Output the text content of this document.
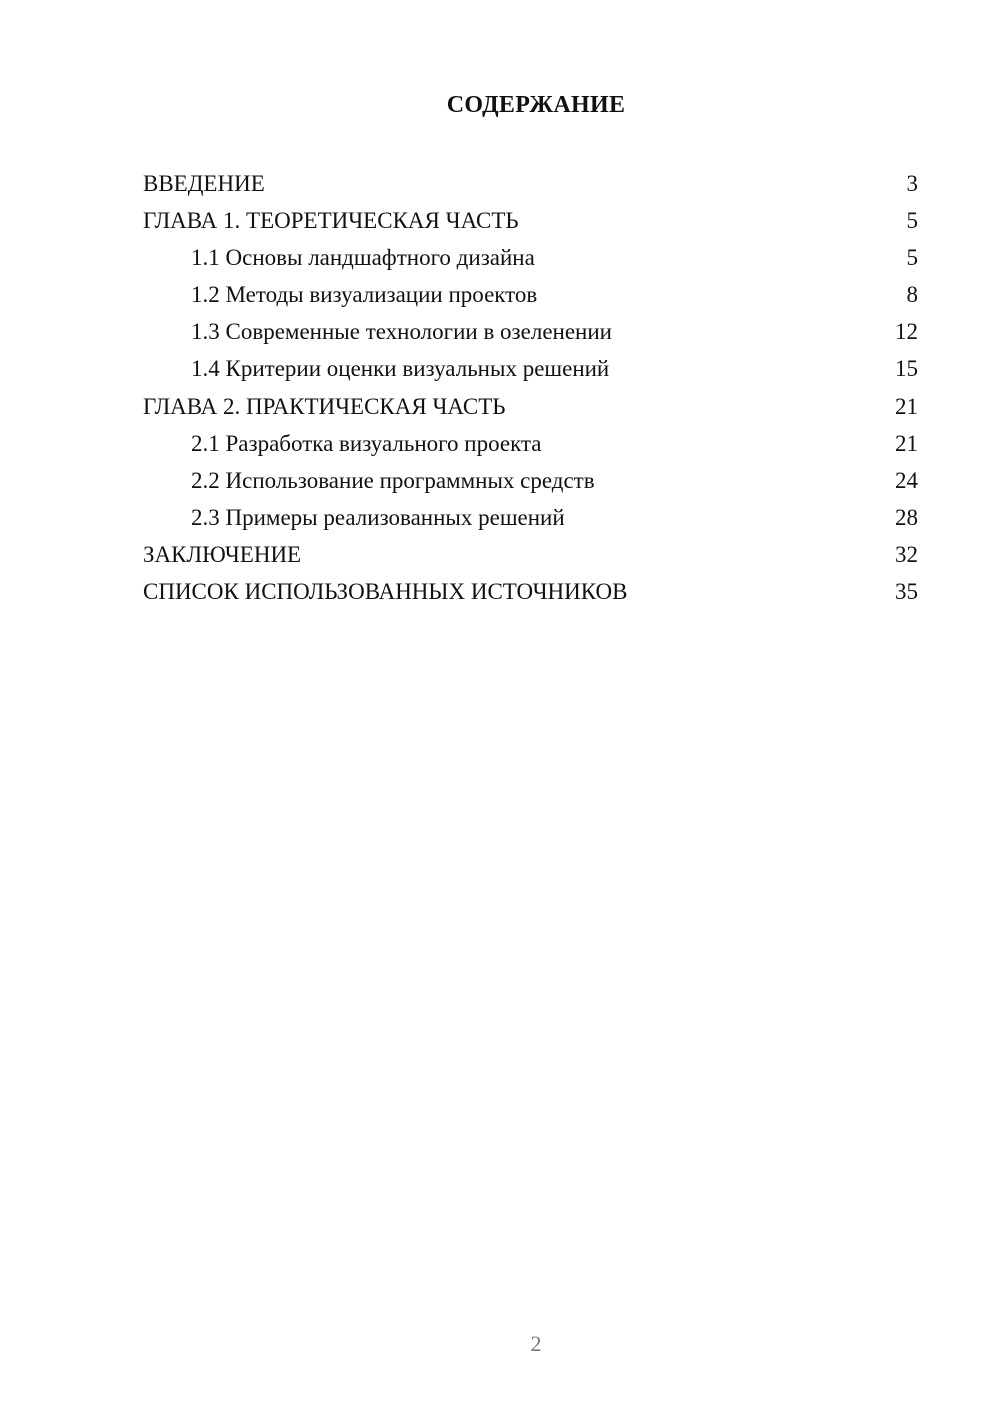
СОДЕРЖАНИЕ
ВВЕДЕНИЕ	3
ГЛАВА 1. ТЕОРЕТИЧЕСКАЯ ЧАСТЬ	5
1.1 Основы ландшафтного дизайна	5
1.2 Методы визуализации проектов	8
1.3 Современные технологии в озеленении	12
1.4 Критерии оценки визуальных решений	15
ГЛАВА 2. ПРАКТИЧЕСКАЯ ЧАСТЬ	21
2.1 Разработка визуального проекта	21
2.2 Использование программных средств	24
2.3 Примеры реализованных решений	28
ЗАКЛЮЧЕНИЕ	32
СПИСОК ИСПОЛЬЗОВАННЫХ ИСТОЧНИКОВ	35
2
